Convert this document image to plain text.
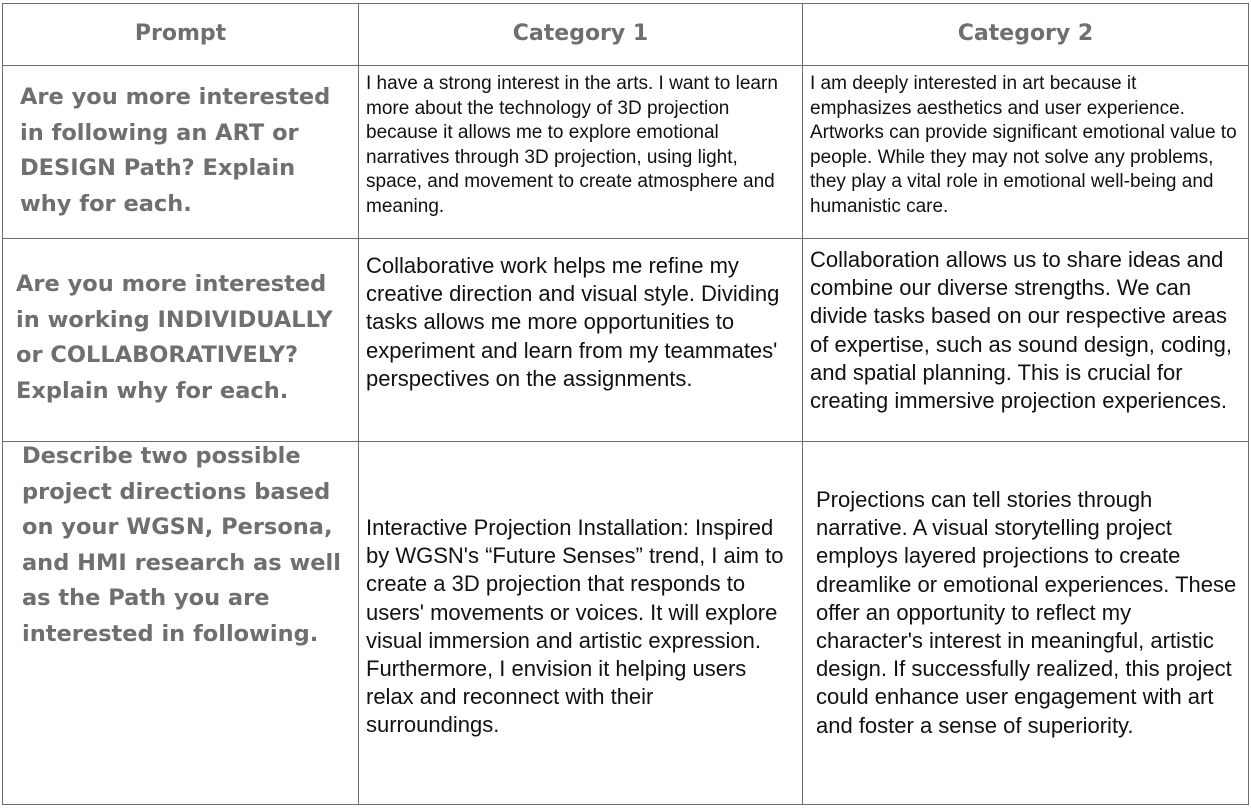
Prompt	Category 1	Category 2

Are you more interested in following an ART or DESIGN Path? Explain why for each.

I have a strong interest in the arts. I want to learn more about the technology of 3D projection because it allows me to explore emotional narratives through 3D projection, using light, space, and movement to create atmosphere and meaning.

I am deeply interested in art because it emphasizes aesthetics and user experience. Artworks can provide significant emotional value to people. While they may not solve any problems, they play a vital role in emotional well-being and humanistic care.

Are you more interested in working INDIVIDUALLY or COLLABORATIVELY? Explain why for each.

Collaborative work helps me refine my creative direction and visual style. Dividing tasks allows me more opportunities to experiment and learn from my teammates' perspectives on the assignments.

Collaboration allows us to share ideas and combine our diverse strengths. We can divide tasks based on our respective areas of expertise, such as sound design, coding, and spatial planning. This is crucial for creating immersive projection experiences.

Describe two possible project directions based on your WGSN, Persona, and HMI research as well as the Path you are interested in following.

Interactive Projection Installation: Inspired by WGSN's “Future Senses” trend, I aim to create a 3D projection that responds to users' movements or voices. It will explore visual immersion and artistic expression. Furthermore, I envision it helping users relax and reconnect with their surroundings.

Projections can tell stories through narrative. A visual storytelling project employs layered projections to create dreamlike or emotional experiences. These offer an opportunity to reflect my character's interest in meaningful, artistic design. If successfully realized, this project could enhance user engagement with art and foster a sense of superiority.
